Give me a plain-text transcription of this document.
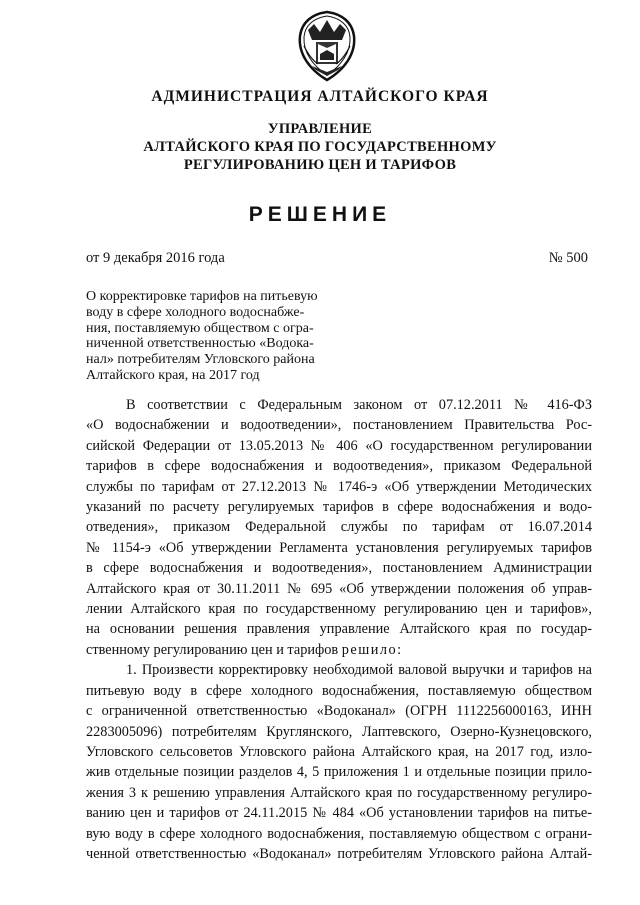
АДМИНИСТРАЦИЯ АЛТАЙСКОГО КРАЯ
УПРАВЛЕНИЕ
АЛТАЙСКОГО КРАЯ ПО ГОСУДАРСТВЕННОМУ
РЕГУЛИРОВАНИЮ ЦЕН И ТАРИФОВ
РЕШЕНИЕ
от 9 декабря 2016 года	№ 500
О корректировке тарифов на питьевую
воду в сфере холодного водоснабже-
ния, поставляемую обществом с огра-
ниченной ответственностью «Водока-
нал» потребителям Угловского района
Алтайского края, на 2017 год
В соответствии с Федеральным законом от 07.12.2011 № 416-ФЗ
«О водоснабжении и водоотведении», постановлением Правительства Рос-
сийской Федерации от 13.05.2013 № 406 «О государственном регулировании
тарифов в сфере водоснабжения и водоотведения», приказом Федеральной
службы по тарифам от 27.12.2013 № 1746-э «Об утверждении Методических
указаний по расчету регулируемых тарифов в сфере водоснабжения и водо-
отведения», приказом Федеральной службы по тарифам от 16.07.2014
№ 1154-э «Об утверждении Регламента установления регулируемых тарифов
в сфере водоснабжения и водоотведения», постановлением Администрации
Алтайского края от 30.11.2011 № 695 «Об утверждении положения об управ-
лении Алтайского края по государственному регулированию цен и тарифов»,
на основании решения правления управление Алтайского края по государ-
ственному регулированию цен и тарифов решило:
1. Произвести корректировку необходимой валовой выручки и тарифов на
питьевую воду в сфере холодного водоснабжения, поставляемую обществом
с ограниченной ответственностью «Водоканал» (ОГРН 1112256000163, ИНН
2283005096) потребителям Круглянского, Лаптевского, Озерно-Кузнецовского,
Угловского сельсоветов Угловского района Алтайского края, на 2017 год, изло-
жив отдельные позиции разделов 4, 5 приложения 1 и отдельные позиции прило-
жения 3 к решению управления Алтайского края по государственному регулиро-
ванию цен и тарифов от 24.11.2015 № 484 «Об установлении тарифов на питье-
вую воду в сфере холодного водоснабжения, поставляемую обществом с ограни-
ченной ответственностью «Водоканал» потребителям Угловского района Алтай-
